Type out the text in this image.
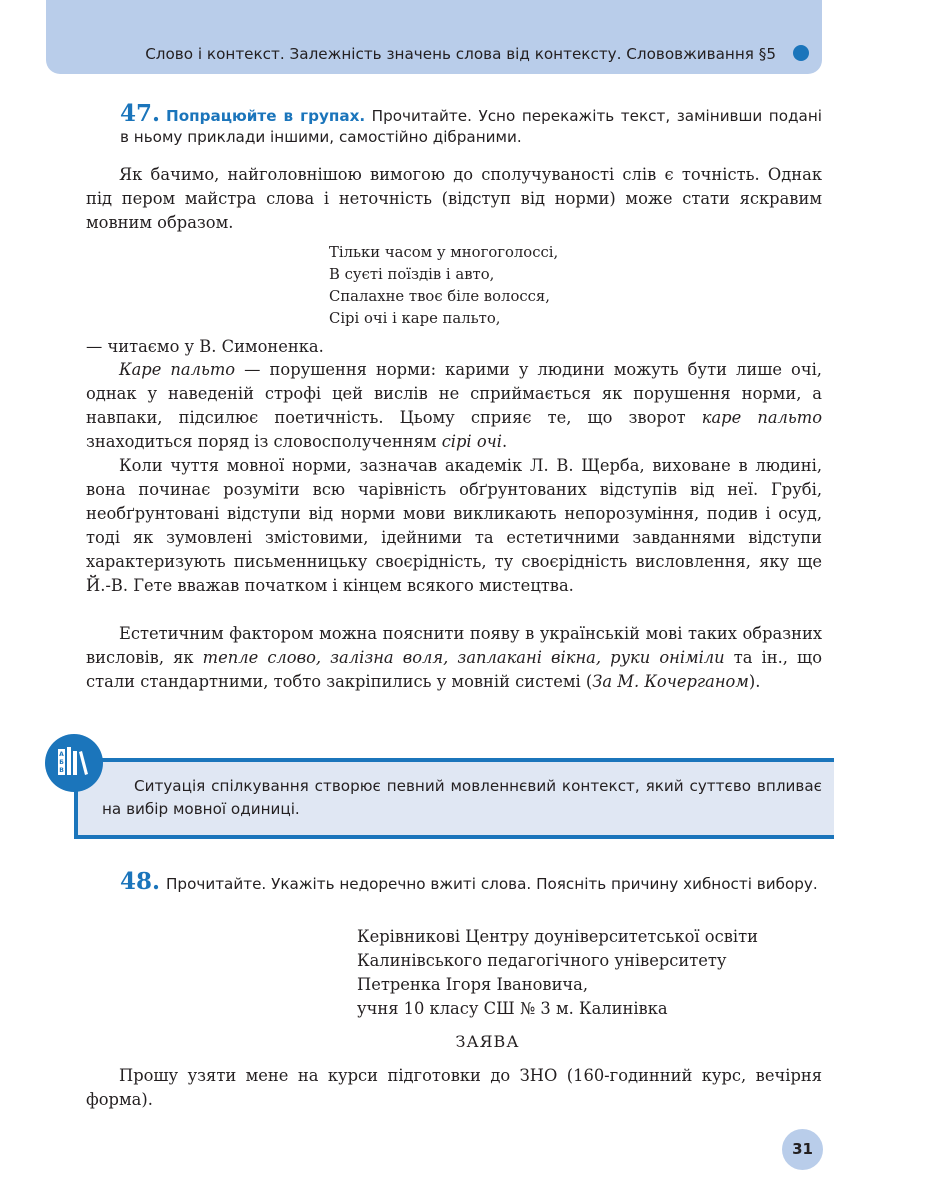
Слово і контекст. Залежність значень слова від контексту. Слововживання §5
47. Попрацюйте в групах. Прочитайте. Усно перекажіть текст, замінивши подані в ньому приклади іншими, самостійно дібраними.
Як бачимо, найголовнішою вимогою до сполучуваності слів є точність. Однак під пером майстра слова і неточність (відступ від норми) може стати яскравим мовним образом.
Тільки часом у многоголоссі,
В суєті поїздів і авто,
Спалахне твоє біле волосся,
Сірі очі і каре пальто,
— читаємо у В. Симоненка.
Каре пальто — порушення норми: карими у людини можуть бути лише очі, однак у наведеній строфі цей вислів не сприймається як порушення норми, а навпаки, підсилює поетичність. Цьому сприяє те, що зворот каре пальто знаходиться поряд із словосполученням сірі очі.
Коли чуття мовної норми, зазначав академік Л. В. Щерба, виховане в людині, вона починає розуміти всю чарівність обґрунтованих відступів від неї. Грубі, необґрунтовані відступи від норми мови викликають непорозуміння, подив і осуд, тоді як зумовлені змістовими, ідейними та естетичними завданнями відступи характеризують письменницьку своєрідність, ту своєрідність висловлення, яку ще Й.-В. Гете вважав початком і кінцем всякого мистецтва.
Естетичним фактором можна пояснити появу в українській мові таких образних висловів, як тепле слово, залізна воля, заплакані вікна, руки оніміли та ін., що стали стандартними, тобто закріпились у мовній системі (За М. Кочерганом).
А
Б
В
Ситуація спілкування створює певний мовленнєвий контекст, який суттєво впливає на вибір мовної одиниці.
48. Прочитайте. Укажіть недоречно вжиті слова. Поясніть причину хибності вибору.
Керівникові Центру доуніверситетської освіти
Калинівського педагогічного університету
Петренка Ігоря Івановича,
учня 10 класу СШ № 3 м. Калинівка
ЗАЯВА
Прошу узяти мене на курси підготовки до ЗНО (160-годинний курс, вечірня форма).
31
